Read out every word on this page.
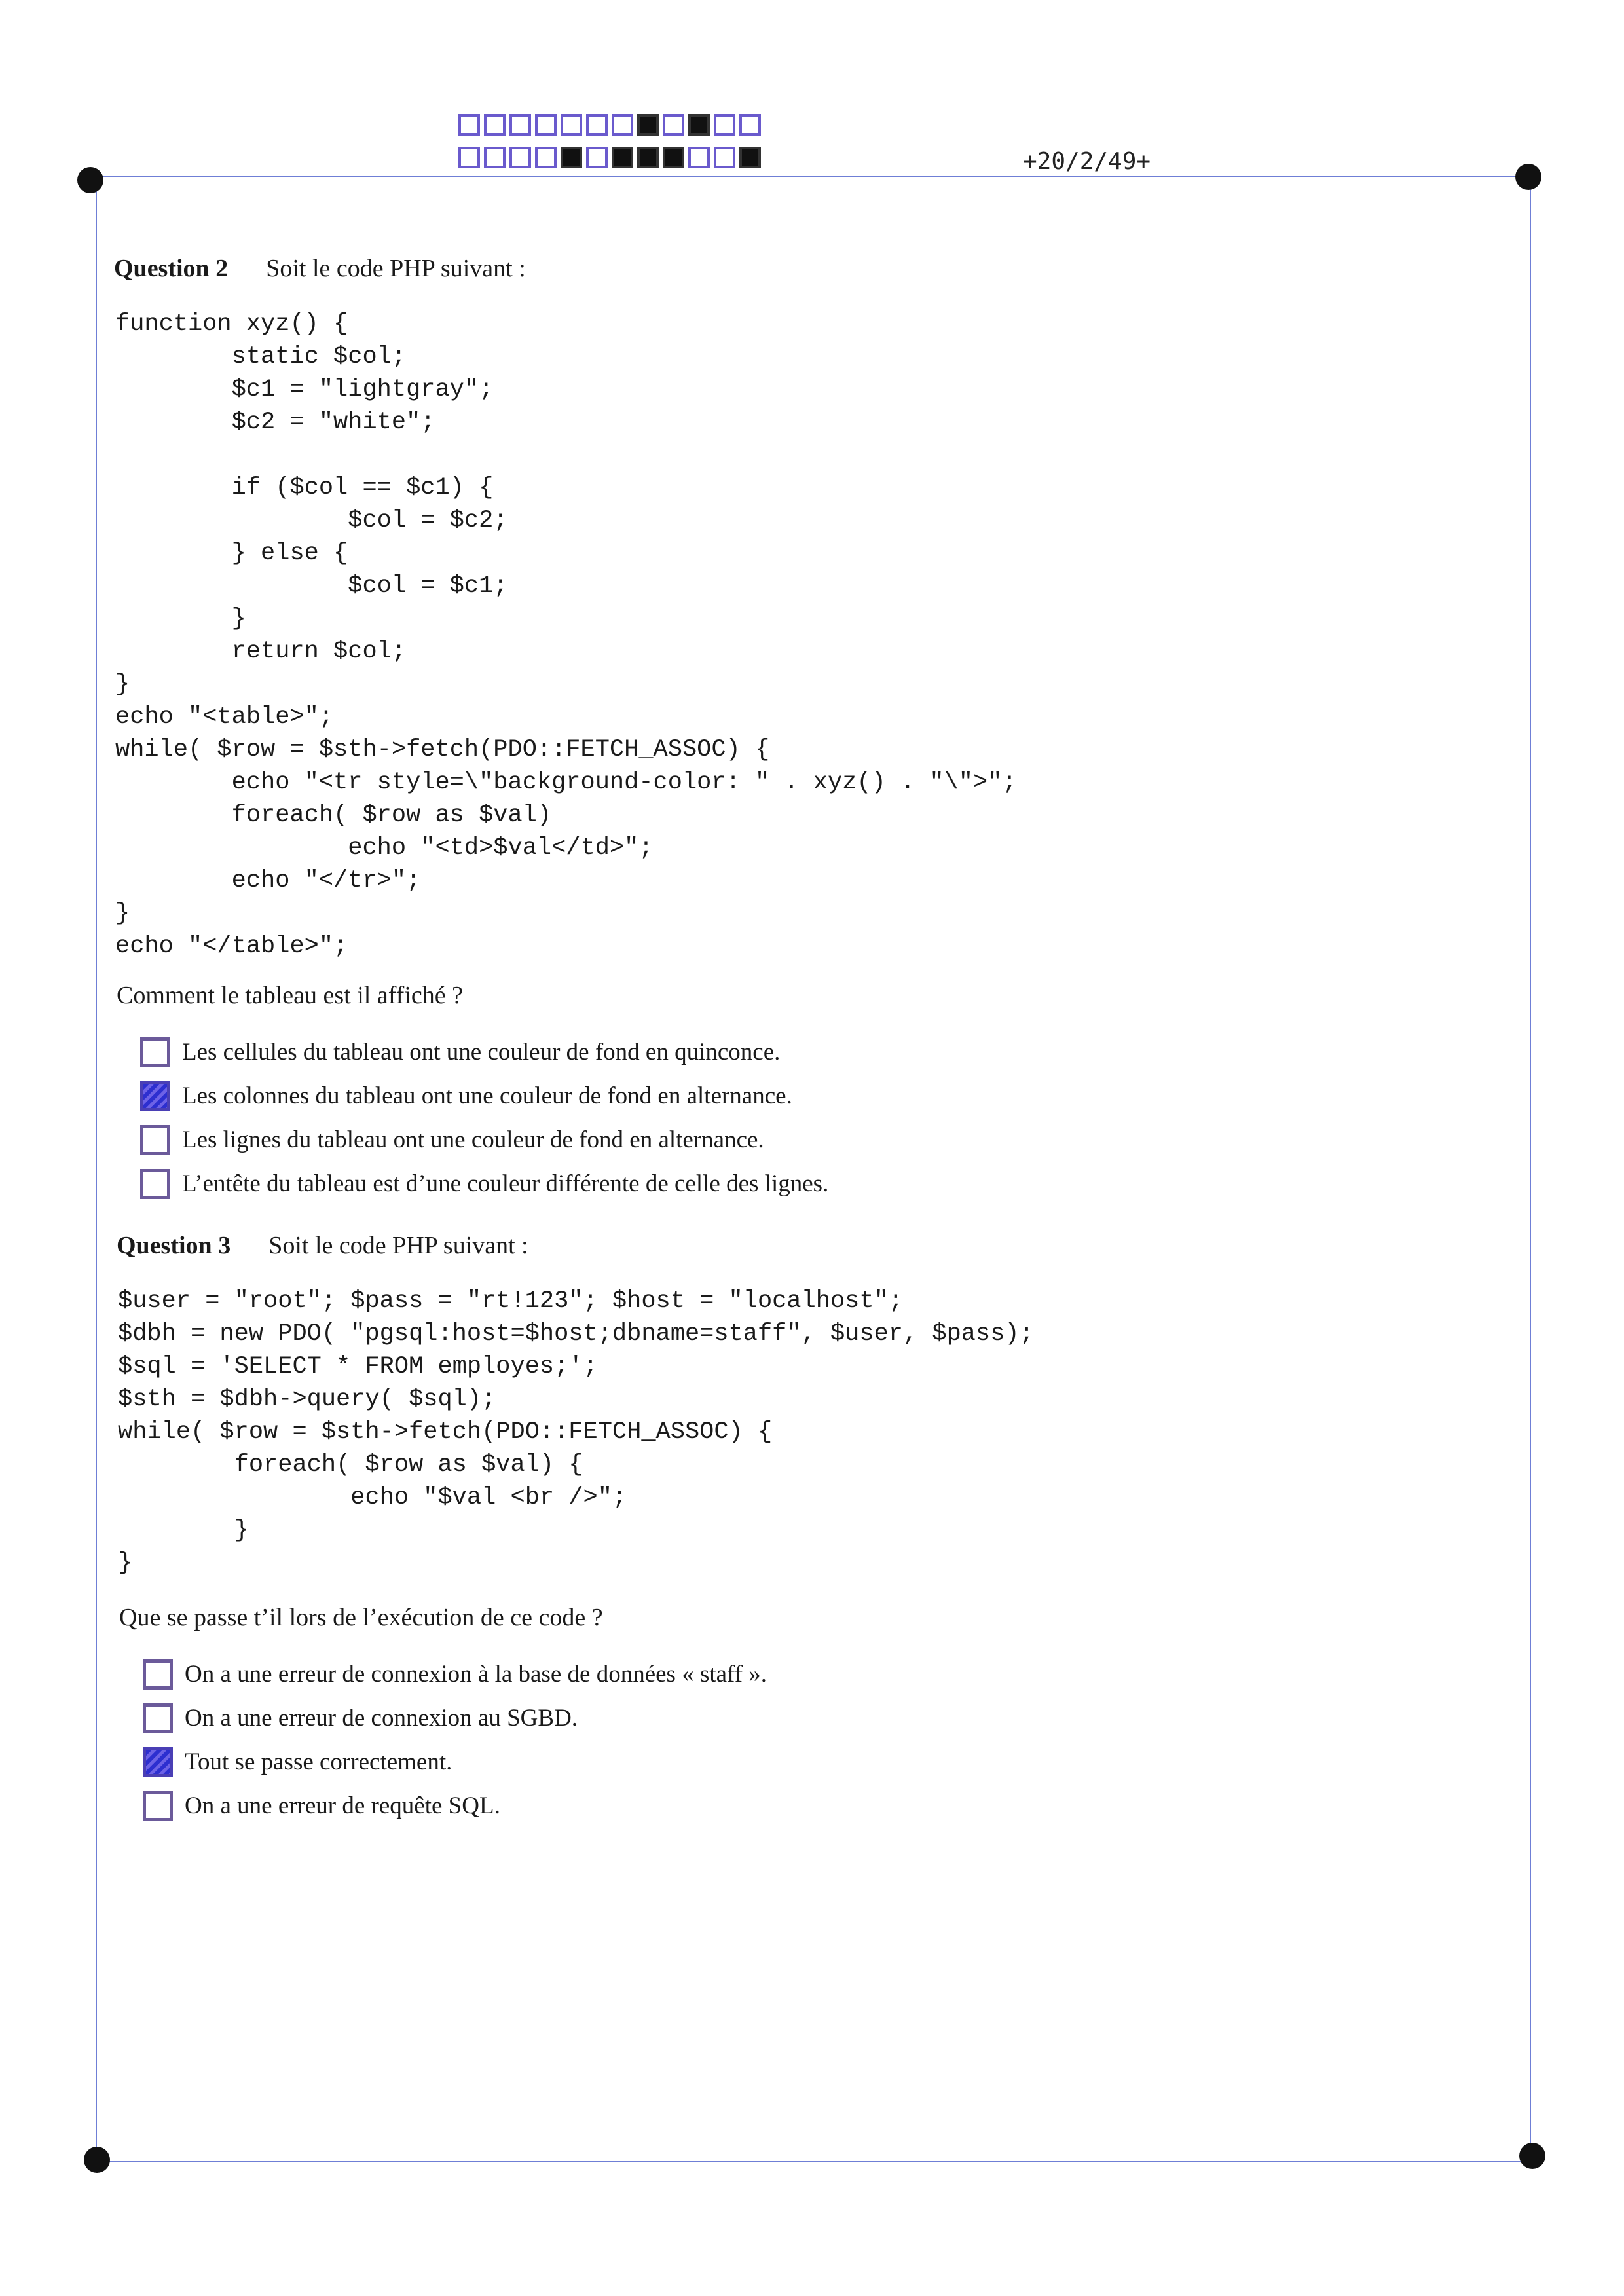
+20/2/49+
Question 2 Soit le code PHP suivant :
function xyz() {
static $col;
$c1 = "lightgray";
$c2 = "white";

if ($col == $c1) {
$col = $c2;
} else {
$col = $c1;
}
return $col;
}
echo "<table>";
while( $row = $sth->fetch(PDO::FETCH_ASSOC) {
echo "<tr style=\"background-color: " . xyz() . "\">";
foreach( $row as $val)
echo "<td>$val</td>";
echo "</tr>";
}
echo "</table>";
Comment le tableau est il affiché ?
Les cellules du tableau ont une couleur de fond en quinconce.
Les colonnes du tableau ont une couleur de fond en alternance.
Les lignes du tableau ont une couleur de fond en alternance.
L’entête du tableau est d’une couleur différente de celle des lignes.
Question 3 Soit le code PHP suivant :
$user = "root"; $pass = "rt!123"; $host = "localhost";
$dbh = new PDO( "pgsql:host=$host;dbname=staff", $user, $pass);
$sql = 'SELECT * FROM employes;';
$sth = $dbh->query( $sql);
while( $row = $sth->fetch(PDO::FETCH_ASSOC) {
foreach( $row as $val) {
echo "$val <br />";
}
}
Que se passe t’il lors de l’exécution de ce code ?
On a une erreur de connexion à la base de données « staff ».
On a une erreur de connexion au SGBD.
Tout se passe correctement.
On a une erreur de requête SQL.
